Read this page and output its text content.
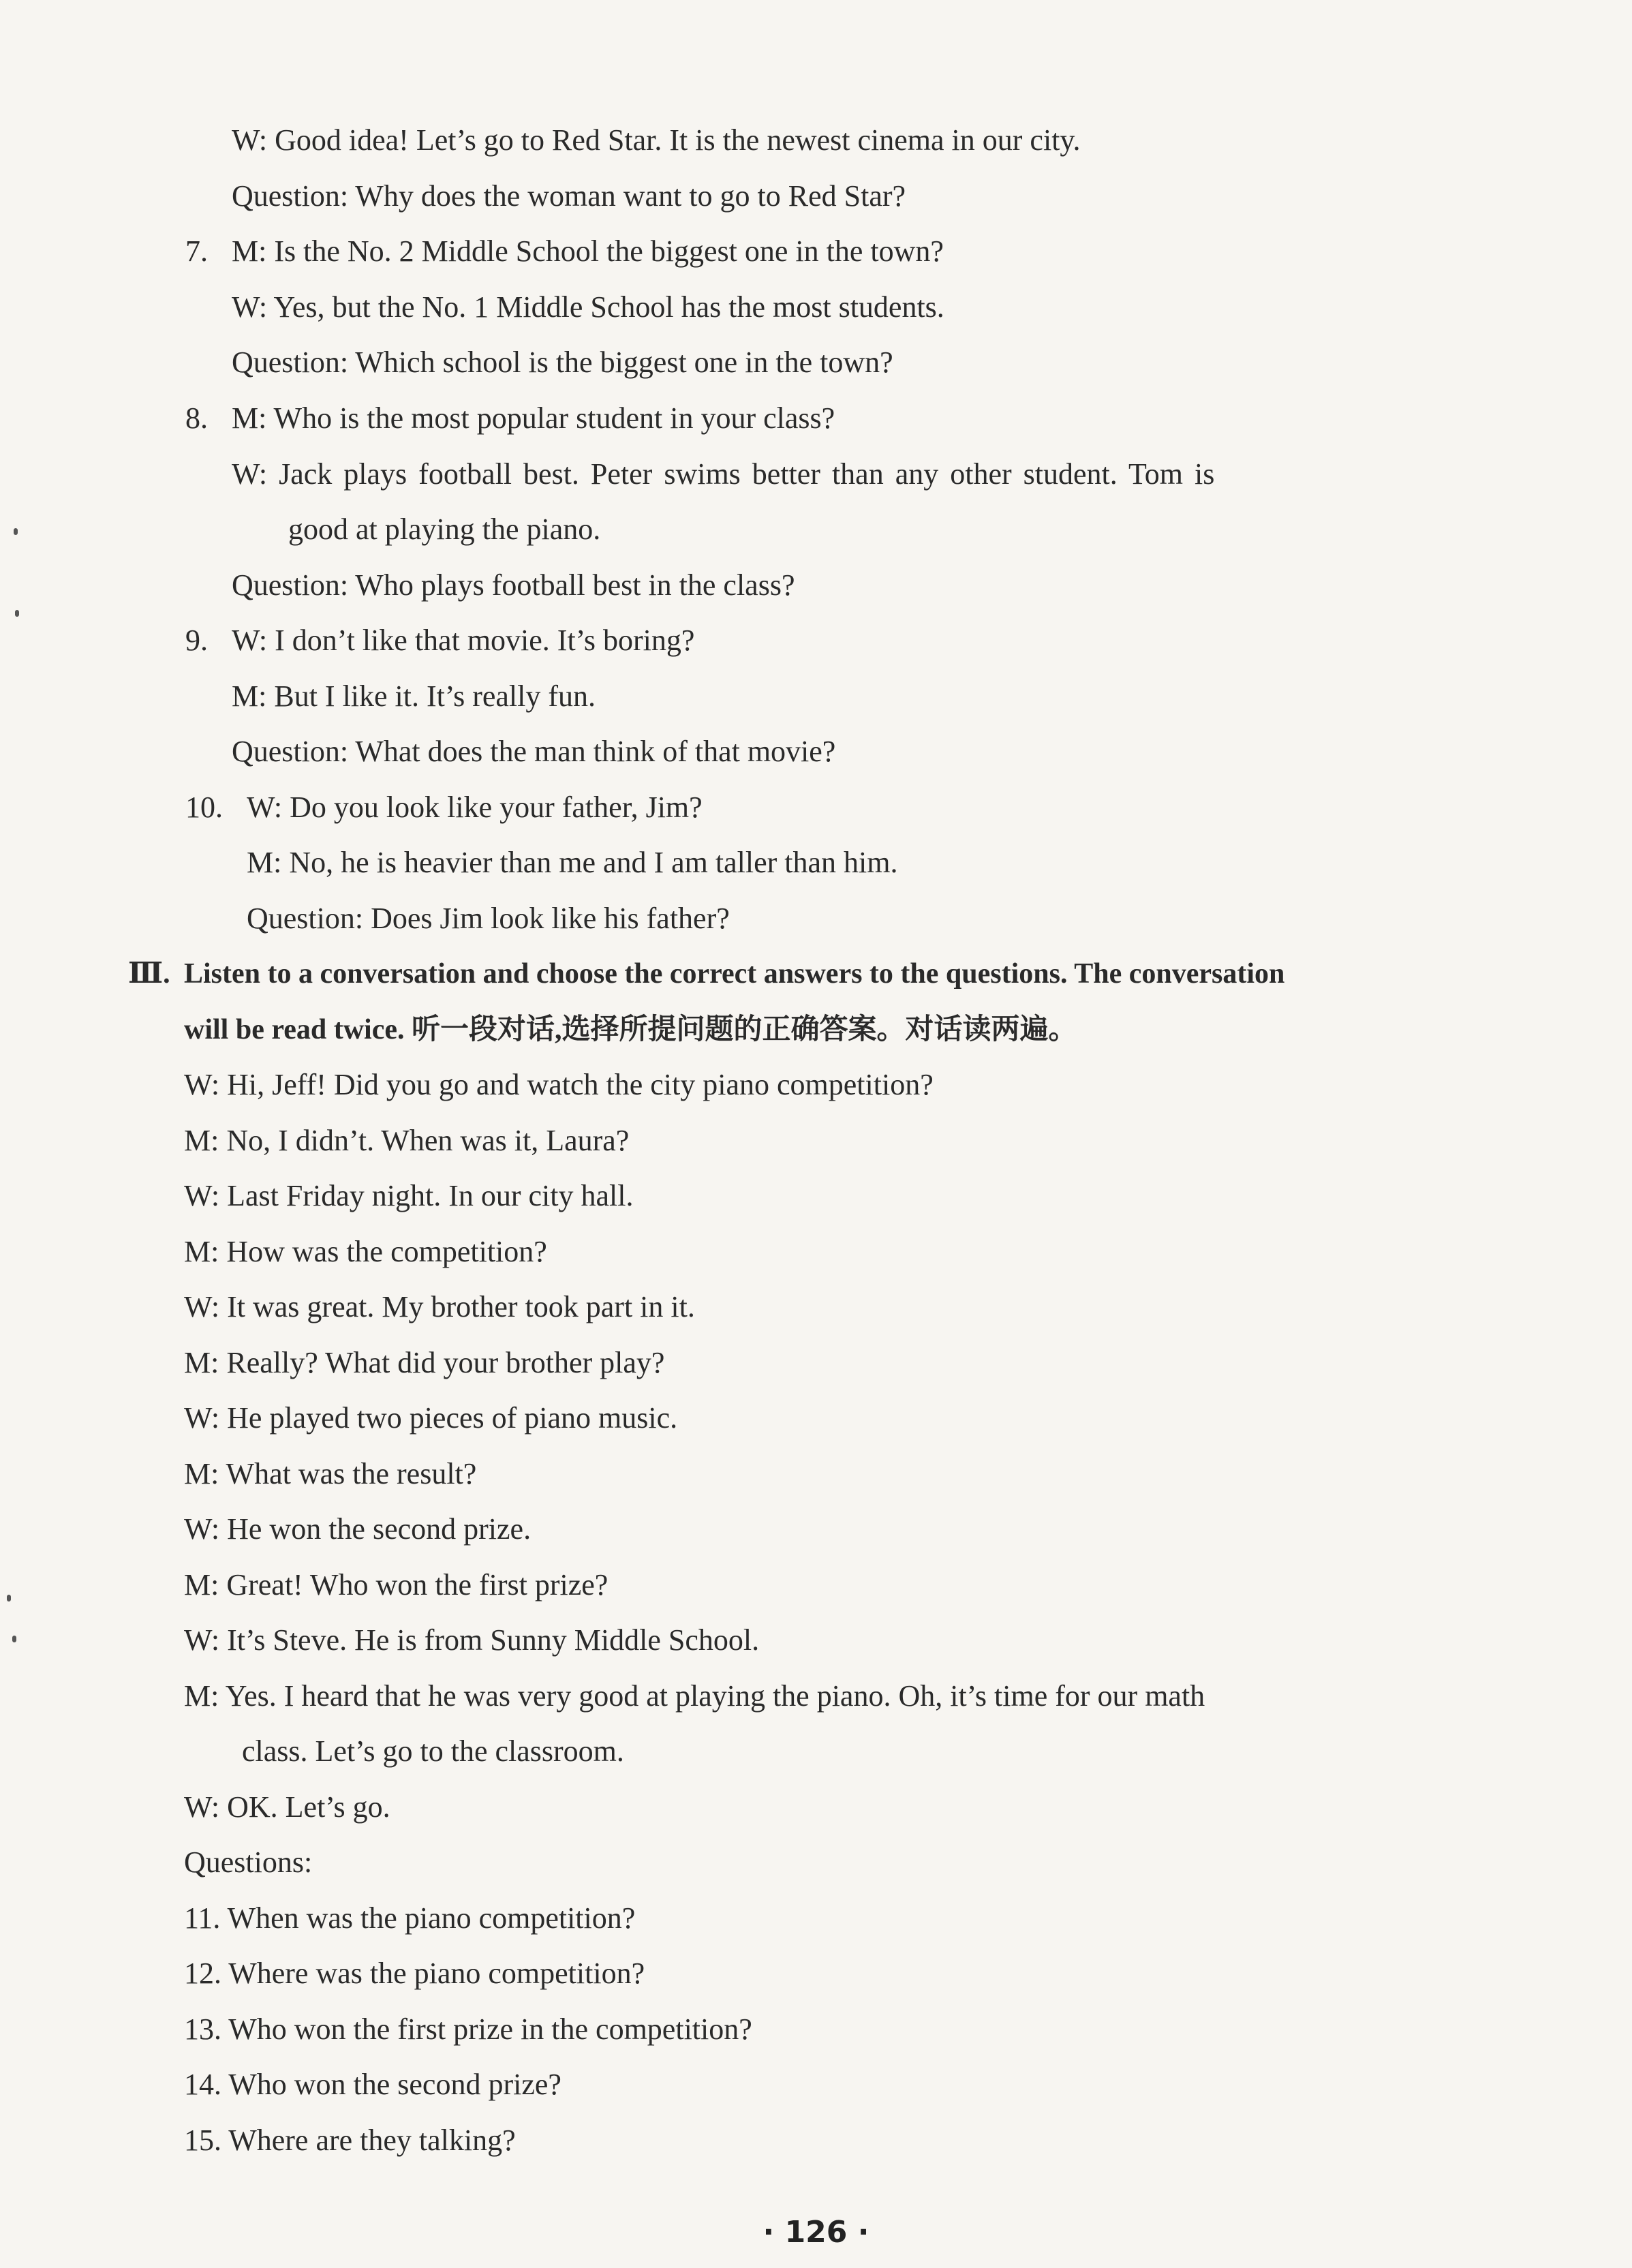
W: Good idea! Let’s go to Red Star. It is the newest cinema in our city.
Question: Why does the woman want to go to Red Star?
7. M: Is the No. 2 Middle School the biggest one in the town?
W: Yes, but the No. 1 Middle School has the most students.
Question: Which school is the biggest one in the town?
8. M: Who is the most popular student in your class?
W: Jack plays football best. Peter swims better than any other student. Tom is
good at playing the piano.
Question: Who plays football best in the class?
9. W: I don’t like that movie. It’s boring?
M: But I like it. It’s really fun.
Question: What does the man think of that movie?
10. W: Do you look like your father, Jim?
M: No, he is heavier than me and I am taller than him.
Question: Does Jim look like his father?
Ⅲ. Listen to a conversation and choose the correct answers to the questions. The conversation
will be read twice. 听一段对话,选择所提问题的正确答案。对话读两遍。
W: Hi, Jeff! Did you go and watch the city piano competition?
M: No, I didn’t. When was it, Laura?
W: Last Friday night. In our city hall.
M: How was the competition?
W: It was great. My brother took part in it.
M: Really? What did your brother play?
W: He played two pieces of piano music.
M: What was the result?
W: He won the second prize.
M: Great! Who won the first prize?
W: It’s Steve. He is from Sunny Middle School.
M: Yes. I heard that he was very good at playing the piano. Oh, it’s time for our math
class. Let’s go to the classroom.
W: OK. Let’s go.
Questions:
11. When was the piano competition?
12. Where was the piano competition?
13. Who won the first prize in the competition?
14. Who won the second prize?
15. Where are they talking?
· 126 ·
